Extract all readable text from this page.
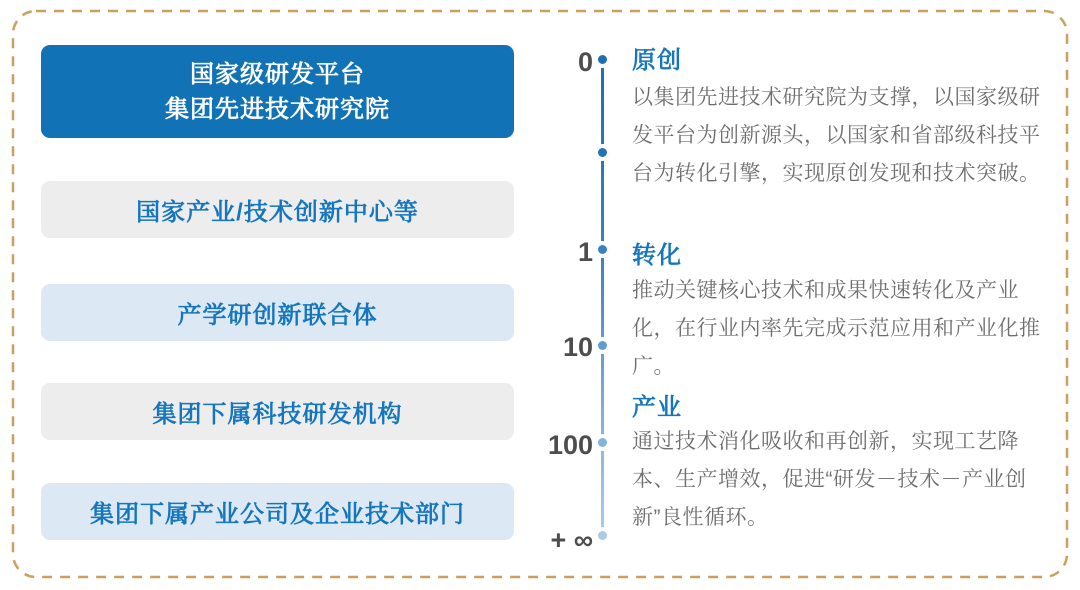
国家级研发平台
集团先进技术研究院
国家产业/技术创新中心等
产学研创新联合体
集团下属科技研发机构
集团下属产业公司及企业技术部门
0
1
10
100
+ ∞
原创
以集团先进技术研究院为支撑，以国家级研发平台为创新源头，以国家和省部级科技平台为转化引擎，实现原创发现和技术突破。
转化
推动关键核心技术和成果快速转化及产业化，在行业内率先完成示范应用和产业化推广。
产业
通过技术消化吸收和再创新，实现工艺降本、生产增效，促进“研发－技术－产业创新”良性循环。
